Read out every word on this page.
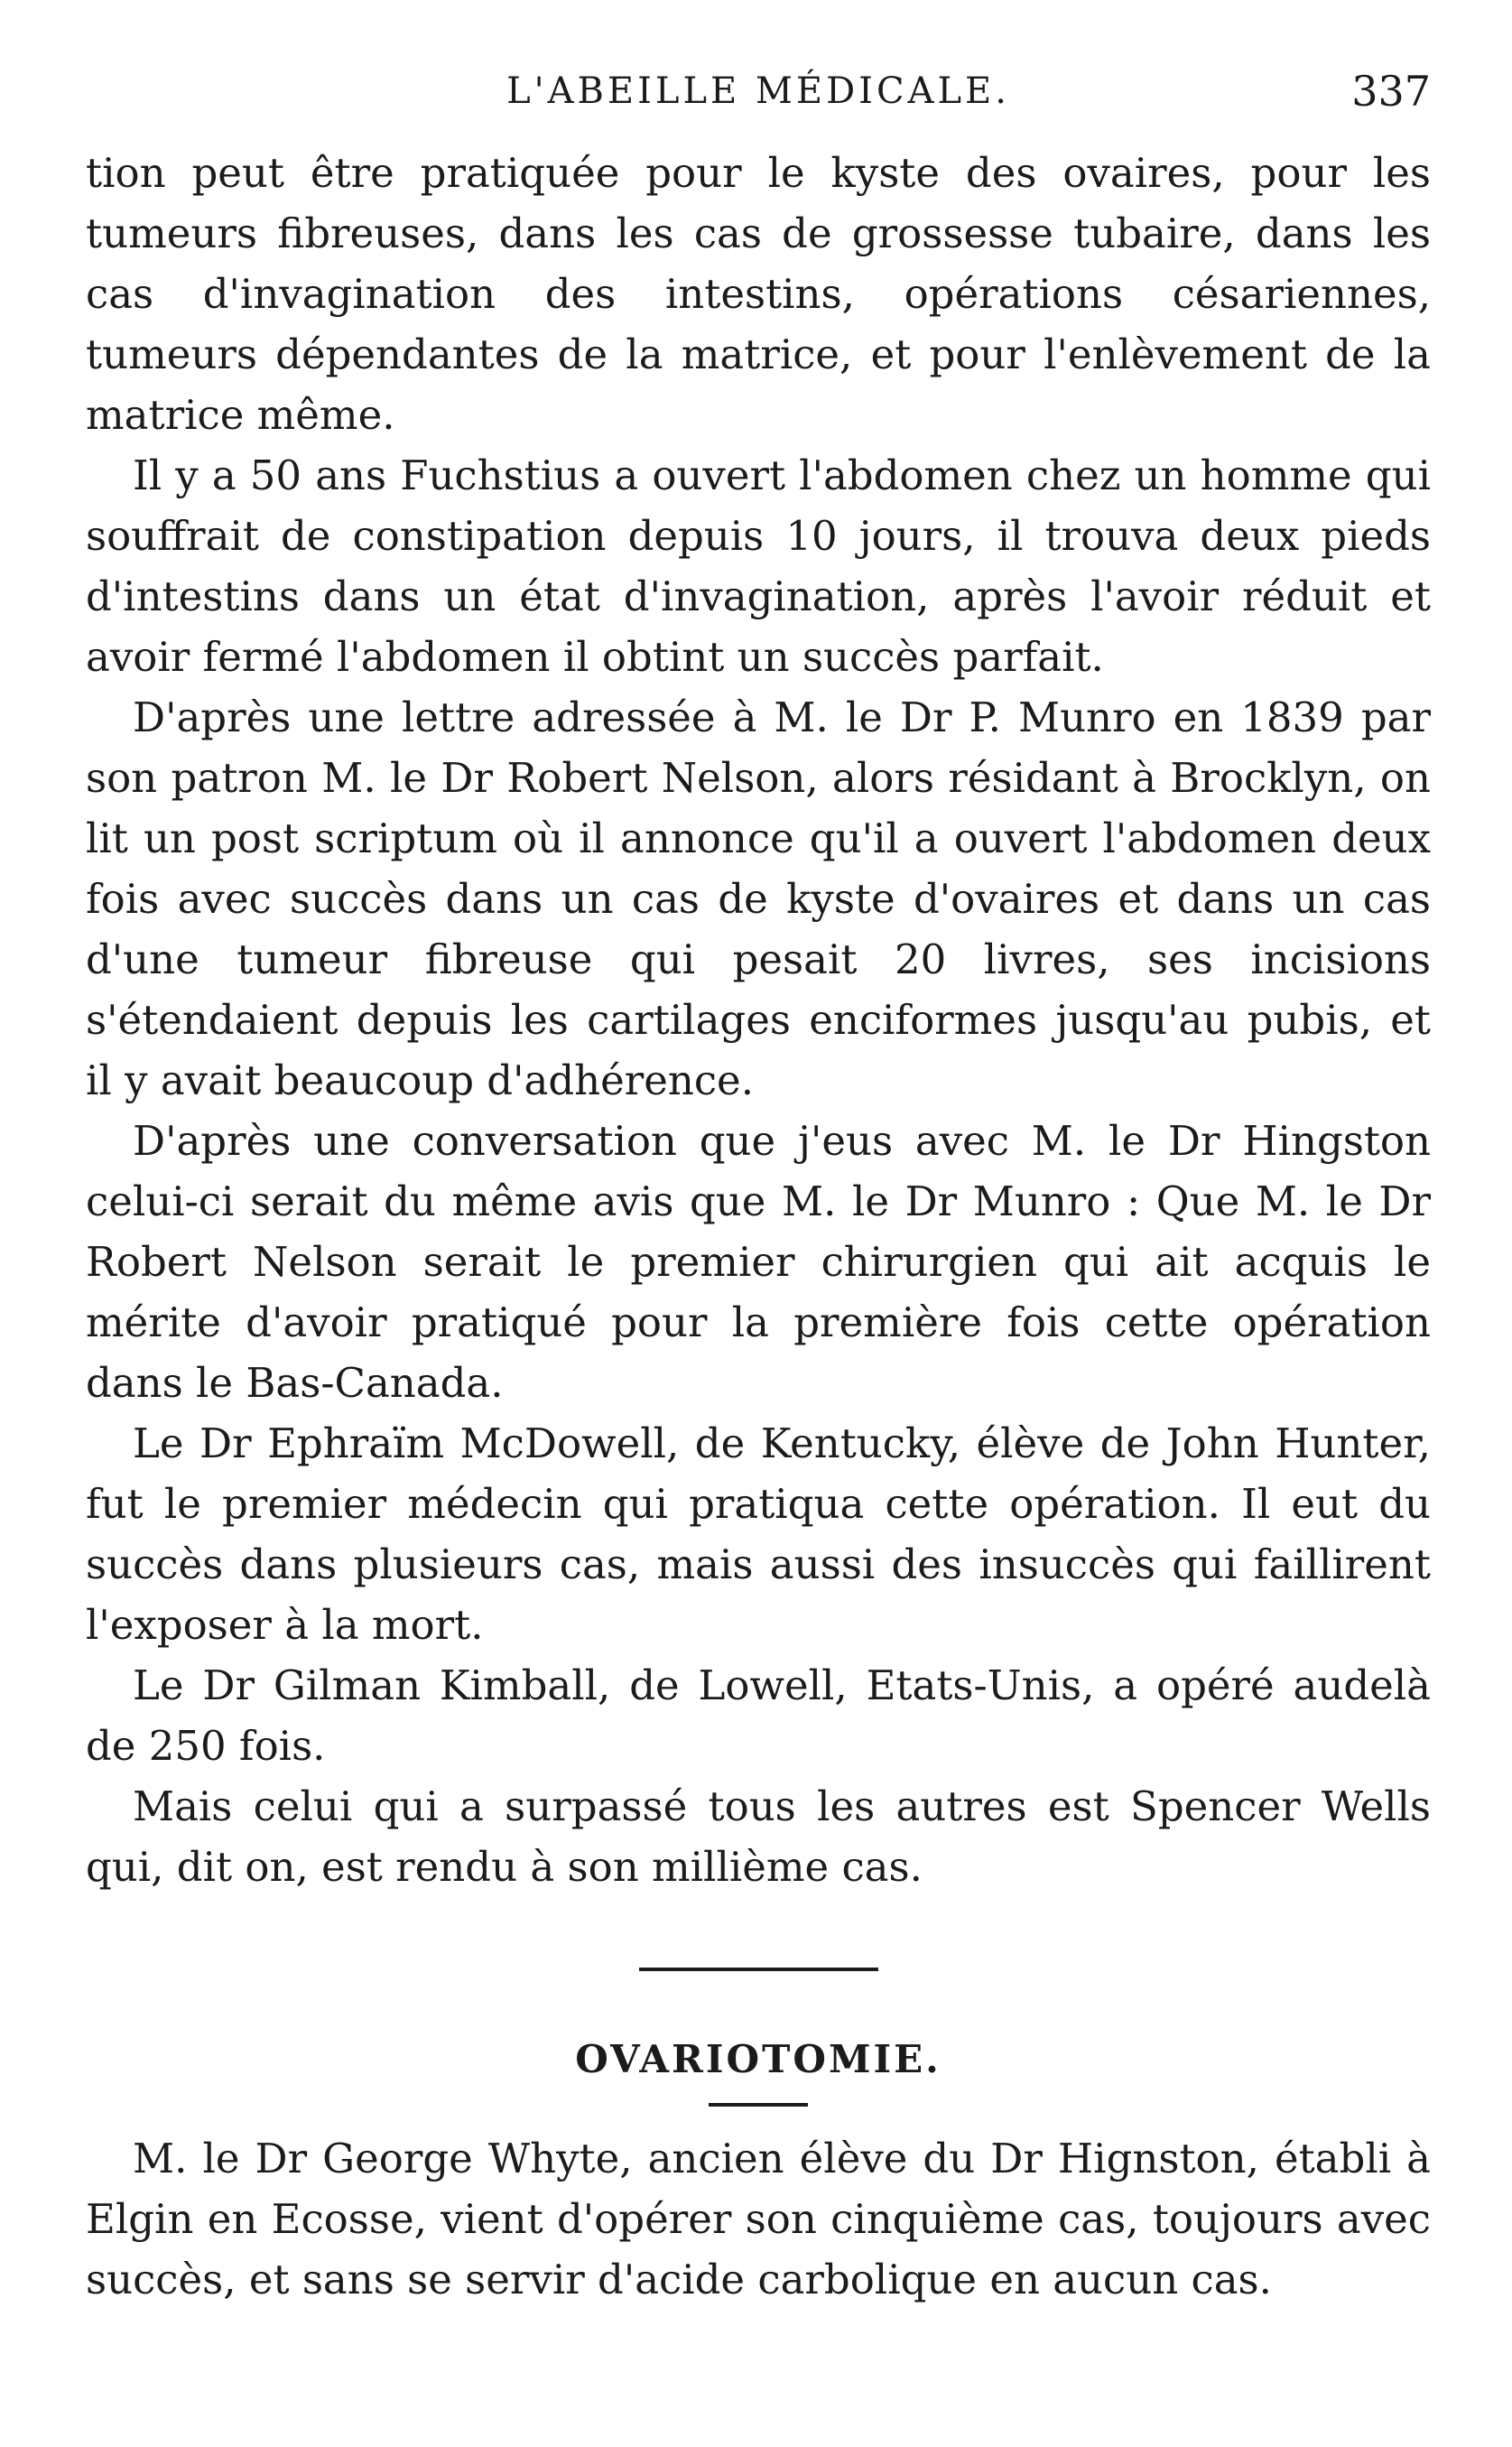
L'ABEILLE MÉDICALE.	337

tion peut être pratiquée pour le kyste des ovaires, pour les tumeurs fibreuses, dans les cas de grossesse tubaire, dans les cas d'invagination des intestins, opérations césariennes, tumeurs dépendantes de la matrice, et pour l'enlèvement de la matrice même.

Il y a 50 ans Fuchstius a ouvert l'abdomen chez un homme qui souffrait de constipation depuis 10 jours, il trouva deux pieds d'intestins dans un état d'invagination, après l'avoir réduit et avoir fermé l'abdomen il obtint un succès parfait.

D'après une lettre adressée à M. le Dr P. Munro en 1839 par son patron M. le Dr Robert Nelson, alors résidant à Brocklyn, on lit un post scriptum où il annonce qu'il a ouvert l'abdomen deux fois avec succès dans un cas de kyste d'ovaires et dans un cas d'une tumeur fibreuse qui pesait 20 livres, ses incisions s'étendaient depuis les cartilages enciformes jusqu'au pubis, et il y avait beaucoup d'adhérence.

D'après une conversation que j'eus avec M. le Dr Hingston celui-ci serait du même avis que M. le Dr Munro : Que M. le Dr Robert Nelson serait le premier chirurgien qui ait acquis le mérite d'avoir pratiqué pour la première fois cette opération dans le Bas-Canada.

Le Dr Ephraïm McDowell, de Kentucky, élève de John Hunter, fut le premier médecin qui pratiqua cette opération. Il eut du succès dans plusieurs cas, mais aussi des insuccès qui faillirent l'exposer à la mort.

Le Dr Gilman Kimball, de Lowell, Etats-Unis, a opéré audelà de 250 fois.

Mais celui qui a surpassé tous les autres est Spencer Wells qui, dit on, est rendu à son millième cas.

OVARIOTOMIE.

M. le Dr George Whyte, ancien élève du Dr Hignston, établi à Elgin en Ecosse, vient d'opérer son cinquième cas, toujours avec succès, et sans se servir d'acide carbolique en aucun cas.
